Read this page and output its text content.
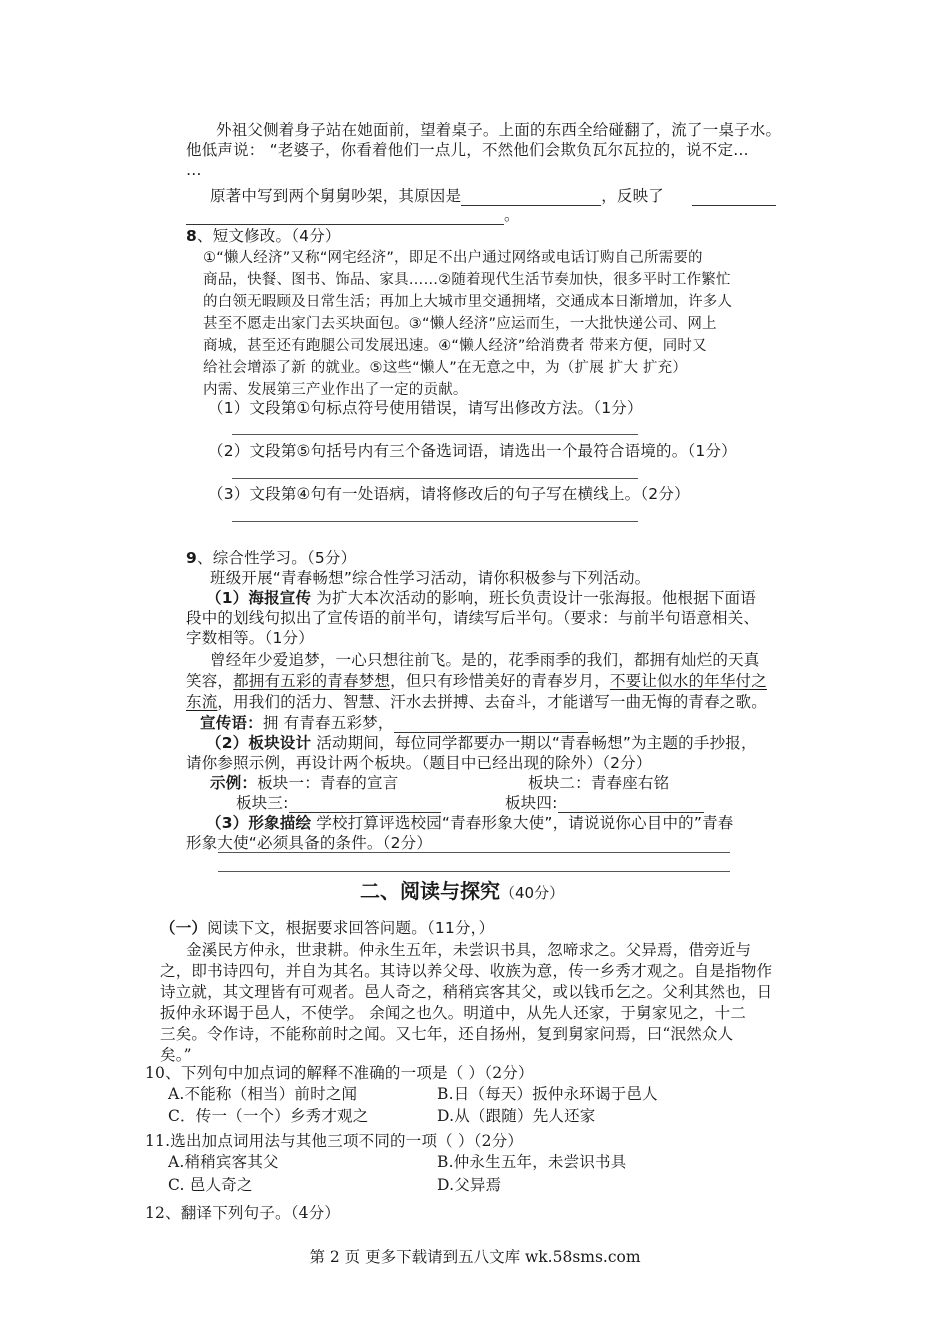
外祖父侧着身子站在她面前，望着桌子。上面的东西全给碰翻了，流了一桌子水。
他低声说： “老婆子，你看着他们一点儿，不然他们会欺负瓦尔瓦拉的，说不定…
…
原著中写到两个舅舅吵架，其原因是	，反映了
。
8、短文修改。（4分）
①“懒人经济”又称“网宅经济”，即足不出户通过网络或电话订购自己所需要的
商品，快餐、图书、饰品、家具……②随着现代生活节奏加快，很多平时工作繁忙
的白领无暇顾及日常生活；再加上大城市里交通拥堵，交通成本日渐增加，许多人
甚至不愿走出家门去买块面包。③“懒人经济”应运而生，一大批快递公司、网上
商城，甚至还有跑腿公司发展迅速。④“懒人经济”给消费者 带来方便，同时又
给社会增添了新 的就业。⑤这些“懒人”在无意之中，为（扩展 扩大 扩充）
内需、发展第三产业作出了一定的贡献。
（1）文段第①句标点符号使用错误，请写出修改方法。（1分）
（2）文段第⑤句括号内有三个备选词语，请选出一个最符合语境的。（1分）
（3）文段第④句有一处语病，请将修改后的句子写在横线上。（2分）
9、综合性学习。（5分）
班级开展“青春畅想”综合性学习活动，请你积极参与下列活动。
（1）海报宣传 为扩大本次活动的影响，班长负责设计一张海报。他根据下面语
段中的划线句拟出了宣传语的前半句，请续写后半句。（要求：与前半句语意相关、
字数相等。（1分）
曾经年少爱追梦，一心只想往前飞。是的，花季雨季的我们，都拥有灿烂的天真
笑容，都拥有五彩的青春梦想，但只有珍惜美好的青春岁月，不要让似水的年华付之
东流，用我们的活力、智慧、汗水去拼搏、去奋斗，才能谱写一曲无悔的青春之歌。
宣传语：拥 有青春五彩梦，
（2）板块设计 活动期间，每位同学都要办一期以“青春畅想”为主题的手抄报，
请你参照示例，再设计两个板块。（题目中已经出现的除外）（2分）
示例：板块一：青春的宣言	板块二：青春座右铭
板块三:	板块四:
（3）形象描绘 学校打算评选校园“青春形象大使”，请说说你心目中的”青春
形象大使“必须具备的条件。（2分）
二、阅读与探究（40分）
（一）阅读下文，根据要求回答问题。（11分，）
金溪民方仲永，世隶耕。仲永生五年，未尝识书具，忽啼求之。父异焉，借旁近与
之，即书诗四句，并自为其名。其诗以养父母、收族为意，传一乡秀才观之。自是指物作
诗立就，其文理皆有可观者。邑人奇之，稍稍宾客其父，或以钱币乞之。父利其然也，日
扳仲永环谒于邑人，不使学。 余闻之也久。明道中，从先人还家，于舅家见之，十二
三矣。令作诗，不能称前时之闻。又七年，还自扬州，复到舅家问焉，曰“泯然众人
矣。”
10、下列句中加点词的解释不准确的一项是（ ）（2分）
A.不能称（相当）前时之闻	B.日（每天）扳仲永环谒于邑人
C．传一（一个）乡秀才观之	D.从（跟随）先人还家
11.选出加点词用法与其他三项不同的一项（ ）（2分）
A.稍稍宾客其父	B.仲永生五年，未尝识书具
C. 邑人奇之	D.父异焉
12、翻译下列句子。（4分）
第 2 页 更多下载请到五八文库 wk.58sms.com
